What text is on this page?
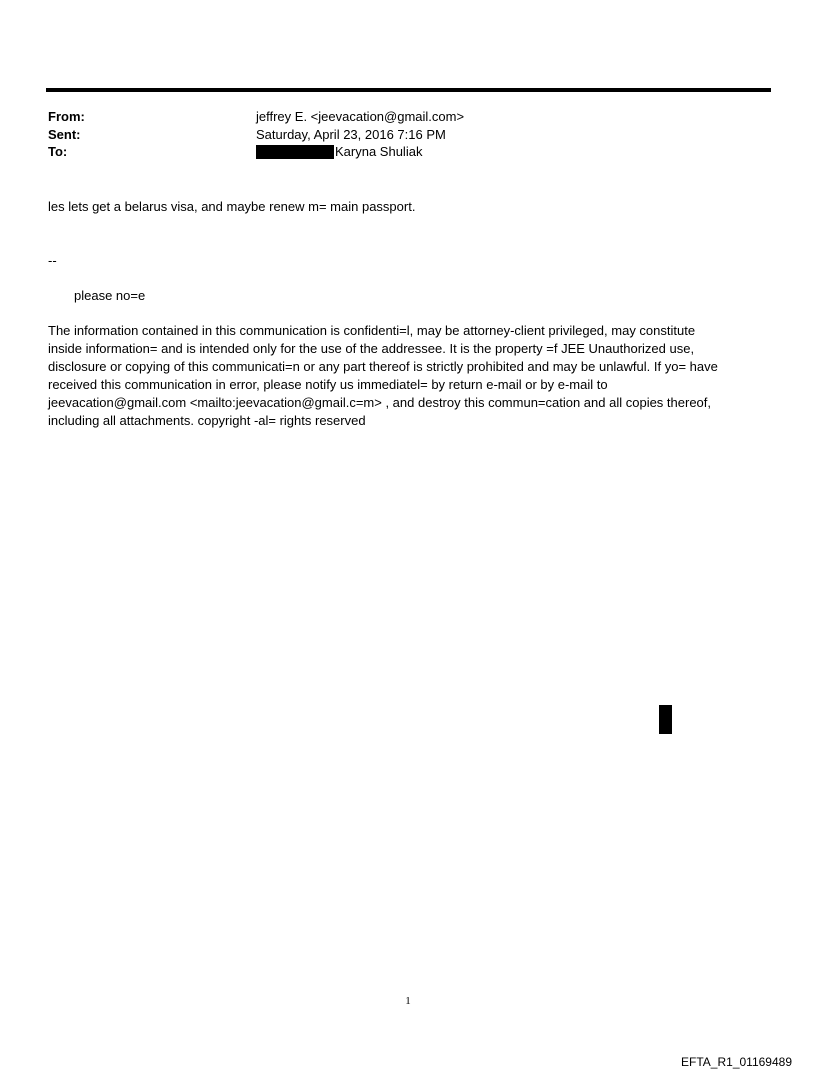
From:	jeffrey E. <jeevacation@gmail.com>
Sent:	Saturday, April 23, 2016 7:16 PM
To:	Karyna Shuliak
les lets get a belarus visa, and maybe renew m= main passport.
--
please no=e
The information contained in this communication is confidenti=l, may be attorney-client privileged, may constitute
inside information= and is intended only for the use of the addressee. It is the property =f JEE Unauthorized use,
disclosure or copying of this communicati=n or any part thereof is strictly prohibited and may be unlawful. If yo= have
received this communication in error, please notify us immediatel= by return e-mail or by e-mail to
jeevacation@gmail.com <mailto:jeevacation@gmail.c=m> , and destroy this commun=cation and all copies thereof,
including all attachments. copyright -al= rights reserved
1
EFTA_R1_01169489
